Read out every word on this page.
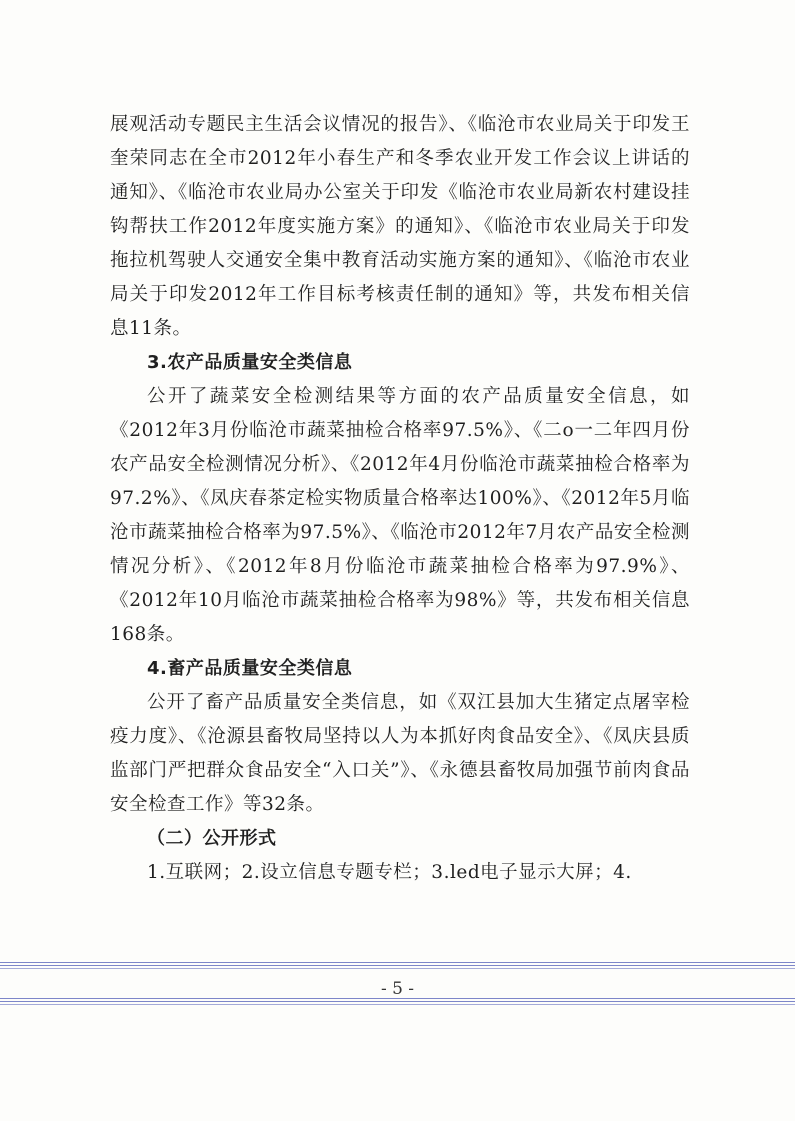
展观活动专题民主生活会议情况的报告》、《临沧市农业局关于印发王奎荣同志在全市2012年小春生产和冬季农业开发工作会议上讲话的通知》、《临沧市农业局办公室关于印发《临沧市农业局新农村建设挂钩帮扶工作2012年度实施方案》的通知》、《临沧市农业局关于印发拖拉机驾驶人交通安全集中教育活动实施方案的通知》、《临沧市农业局关于印发2012年工作目标考核责任制的通知》等，共发布相关信息11条。

3.农产品质量安全类信息

公开了蔬菜安全检测结果等方面的农产品质量安全信息，如《2012年3月份临沧市蔬菜抽检合格率97.5%》、《二o一二年四月份农产品安全检测情况分析》、《2012年4月份临沧市蔬菜抽检合格率为97.2%》、《凤庆春茶定检实物质量合格率达100%》、《2012年5月临沧市蔬菜抽检合格率为97.5%》、《临沧市2012年7月农产品安全检测情况分析》、《2012年8月份临沧市蔬菜抽检合格率为97.9%》、《2012年10月临沧市蔬菜抽检合格率为98%》等，共发布相关信息168条。

4.畜产品质量安全类信息

公开了畜产品质量安全类信息，如《双江县加大生猪定点屠宰检疫力度》、《沧源县畜牧局坚持以人为本抓好肉食品安全》、《凤庆县质监部门严把群众食品安全“入口关”》、《永德县畜牧局加强节前肉食品安全检查工作》等32条。

（二）公开形式

1.互联网；2.设立信息专题专栏；3.led电子显示大屏；4.

- 5 -
